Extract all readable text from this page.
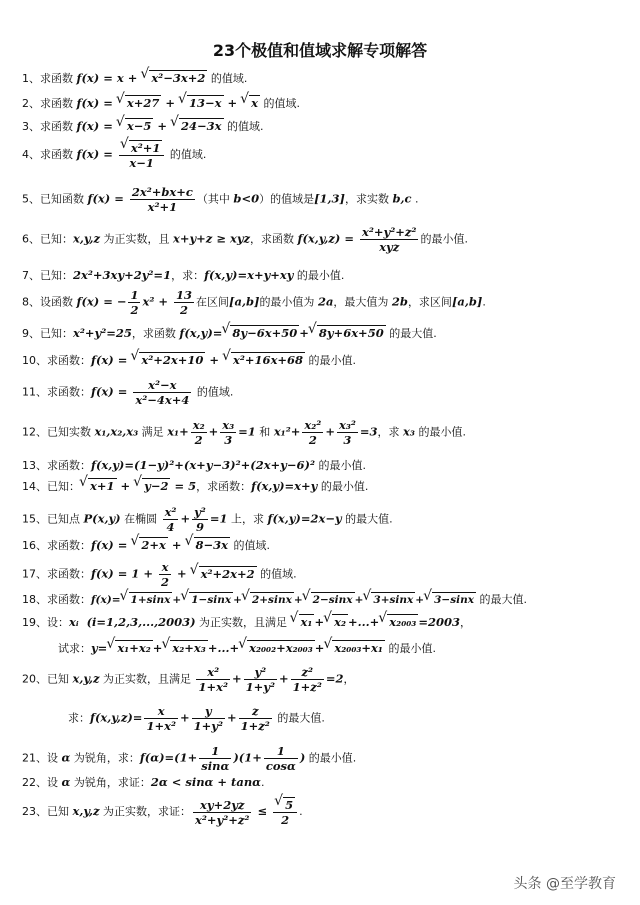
23个极值和值域求解专项解答
1、求函数 f(x) = x + √ x²−3x+2 的值域.
2、求函数 f(x) = √ x+27 + √ 13−x + √ x 的值域.
3、求函数 f(x) = √ x−5 + √ 24−3x 的值域.
4、求函数 f(x) = √ $\frac{\text{x²+1}}{x-1}$ 的值域.
5、已知函数 $f(x) = \frac{\text{2x²+bx+c}}{\text{x²+1}}$ （其中 b<0）的值域是[1,3]，求实数 b,c .
6、已知：x,y,z 为正实数，且 x+y+z ≥ xyz，求函数 $f(x,y,z) = \frac{\text{x²+y²+z²}}{\text{xyz}}$ 的最小值.
7、已知：2x²+3xy+2y²=1，求：f(x,y)=x+y+xy 的最小值.
8、设函数 f(x) = − $\frac{1}{2} x^2 + \frac{13}{2}$ 在区间[a,b]的最小值为 2a，最大值为 2b，求区间[a,b].
9、已知：x²+y²=25，求函数 f(x,y)= √ 8y−6x+50 + √ 8y+6x+50 的最大值.
10、求函数：f(x) = √ x²+2x+10 + √ x²+16x+68 的最小值.
11、求函数：$f(x) = \frac{\text{x²−x}}{\text{x²−4x+4}}$ 的值域.
12、已知实数 x₁,x₂,x₃ 满足 $x_1+ \frac{\text{x₂}}{2} + \frac{\text{x₃}}{3} =1$ 和 $x_1^2+ \frac{\text{x₂²}}{2} + \frac{\text{x₃²}}{3} =3$，求 x₃ 的最小值.
13、求函数：f(x,y)=(1−y)²+(x+y−3)²+(2x+y−6)² 的最小值.
14、已知： √ x+1 + √ y−2 = 5，求函数：f(x,y)=x+y 的最小值.
15、已知点 P(x,y) 在椭圆 $\frac{\text{x²}}{4} + \frac{\text{y²}}{9} =1$ 上，求 f(x,y)=2x−y 的最大值.
16、求函数：f(x) = √ 2+x + √ 8−3x 的值域.
17、求函数：$f(x) = 1 + \frac{x}{2}$ + √ x²+2x+2 的值域.
18、求函数：f(x)= √ 1+sinx + √ 1−sinx + √ 2+sinx + √ 2−sinx + √ 3+sinx + √ 3−sinx 的最大值.
19、设：xᵢ  (i=1,2,3,...,2003) 为正实数，且满足 √ x₁ + √ x₂ +...+ √ x₂₀₀₃ =2003，
试求：y= √ x₁+x₂ + √ x₂+x₃ +...+ √ x₂₀₀₂+x₂₀₀₃ + √ x₂₀₀₃+x₁ 的最小值.
20、已知 x,y,z 为正实数，且满足 $\frac{\text{x²}}{\text{1+x²}} + \frac{\text{y²}}{\text{1+y²}} + \frac{\text{z²}}{\text{1+z²}} =2$，
求：$f(x,y,z)= \frac{x}{\text{1+x²}} + \frac{y}{\text{1+y²}} + \frac{z}{\text{1+z²}}$ 的最大值.
21、设 α 为锐角，求：$f(\alpha)=(1+ \frac{1}{\sin\alpha} )(1+ \frac{1}{\cos\alpha}$ ) 的最小值.
22、设 α 为锐角，求证：2α < sinα + tanα.
23、已知 x,y,z 为正实数，求证： $\frac{xy+2yz}{\text{x²+y²+z²}}$ ≤ √ $\frac{5}{2}$ .
头条 @至学教育
